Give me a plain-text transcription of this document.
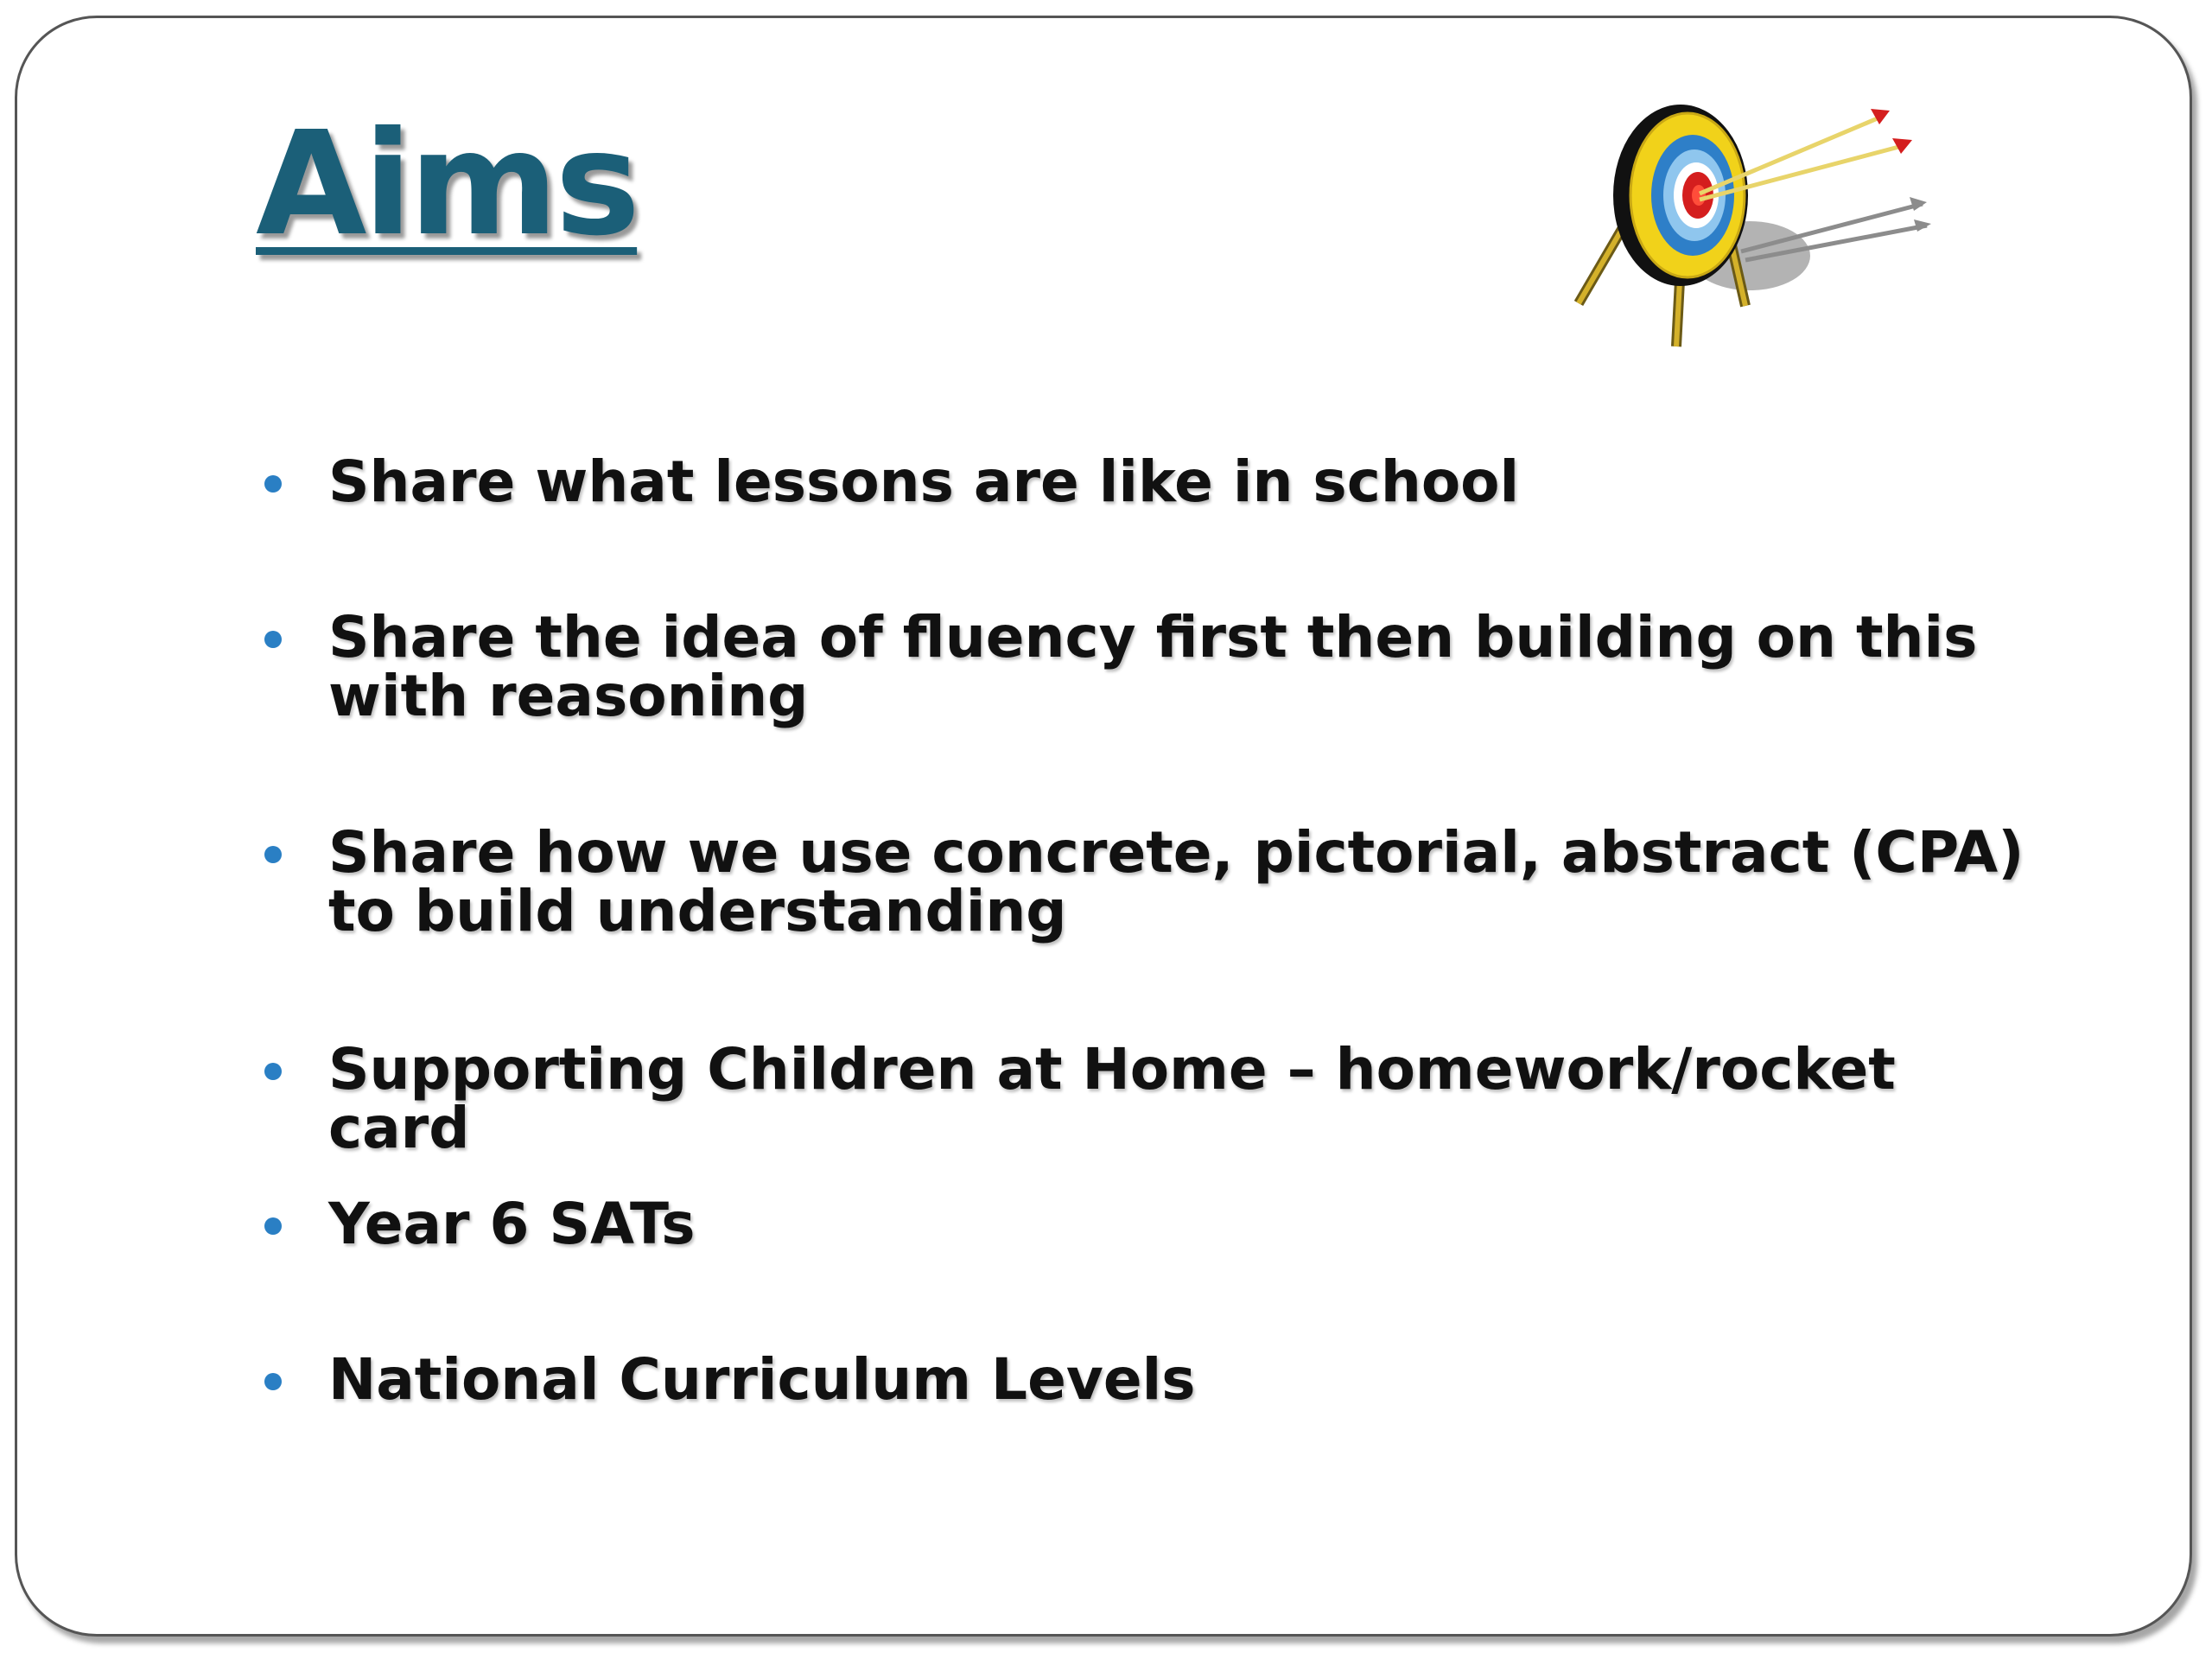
Aims
Share what lessons are like in school
Share the idea of fluency first then building on this with reasoning
Share how we use concrete, pictorial, abstract (CPA) to build understanding
Supporting Children at Home – homework/rocket card
Year 6 SATs
National Curriculum Levels
